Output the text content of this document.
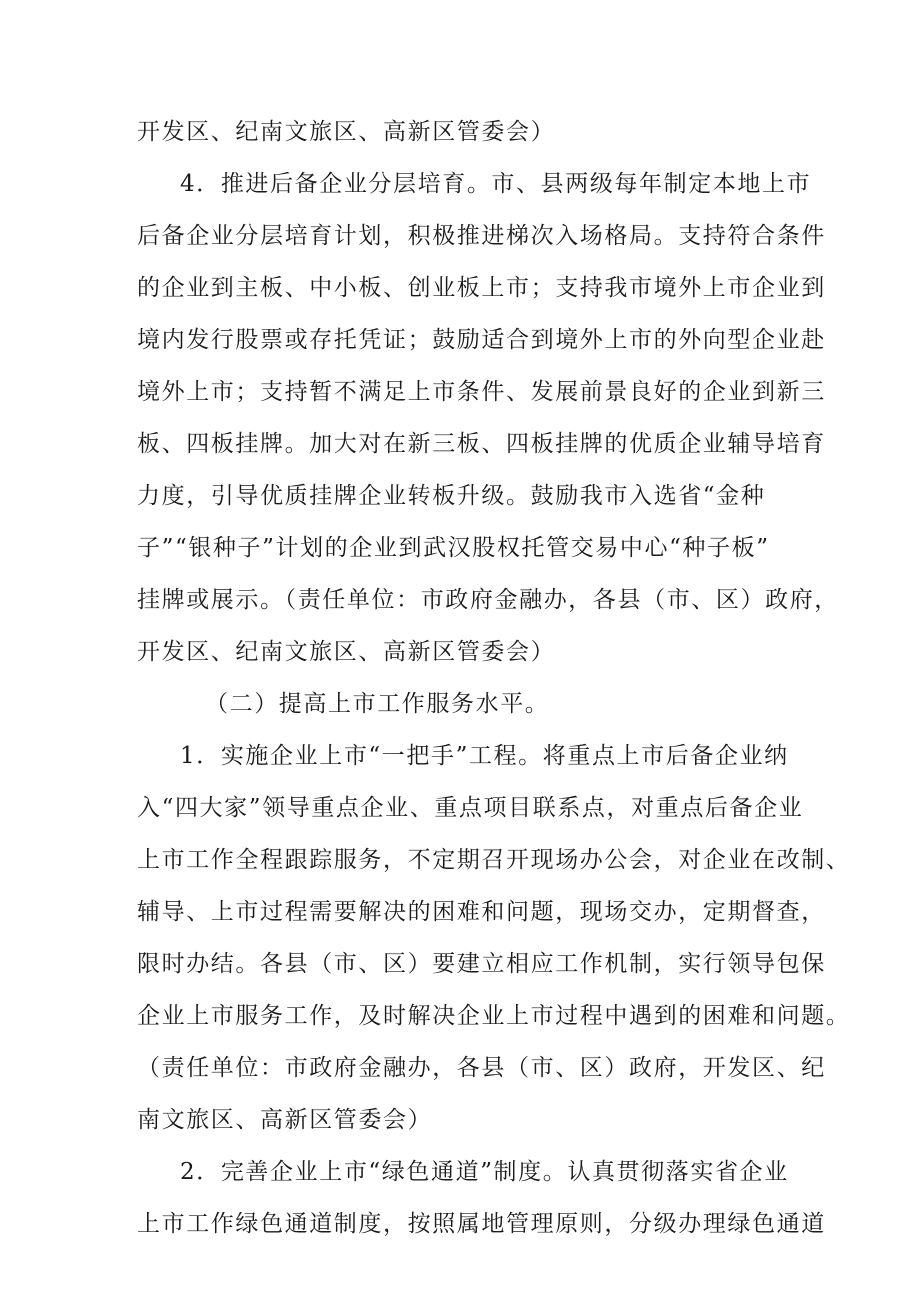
开发区、纪南文旅区、高新区管委会）
4．推进后备企业分层培育。市、县两级每年制定本地上市
后备企业分层培育计划，积极推进梯次入场格局。支持符合条件
的企业到主板、中小板、创业板上市；支持我市境外上市企业到
境内发行股票或存托凭证；鼓励适合到境外上市的外向型企业赴
境外上市；支持暂不满足上市条件、发展前景良好的企业到新三
板、四板挂牌。加大对在新三板、四板挂牌的优质企业辅导培育
力度，引导优质挂牌企业转板升级。鼓励我市入选省“金种
子”“银种子”计划的企业到武汉股权托管交易中心“种子板”
挂牌或展示。（责任单位：市政府金融办，各县（市、区）政府，
开发区、纪南文旅区、高新区管委会）
（二）提高上市工作服务水平。
1．实施企业上市“一把手”工程。将重点上市后备企业纳
入“四大家”领导重点企业、重点项目联系点，对重点后备企业
上市工作全程跟踪服务，不定期召开现场办公会，对企业在改制、
辅导、上市过程需要解决的困难和问题，现场交办，定期督查，
限时办结。各县（市、区）要建立相应工作机制，实行领导包保
企业上市服务工作，及时解决企业上市过程中遇到的困难和问题。
（责任单位：市政府金融办，各县（市、区）政府，开发区、纪
南文旅区、高新区管委会）
2．完善企业上市“绿色通道”制度。认真贯彻落实省企业
上市工作绿色通道制度，按照属地管理原则，分级办理绿色通道
